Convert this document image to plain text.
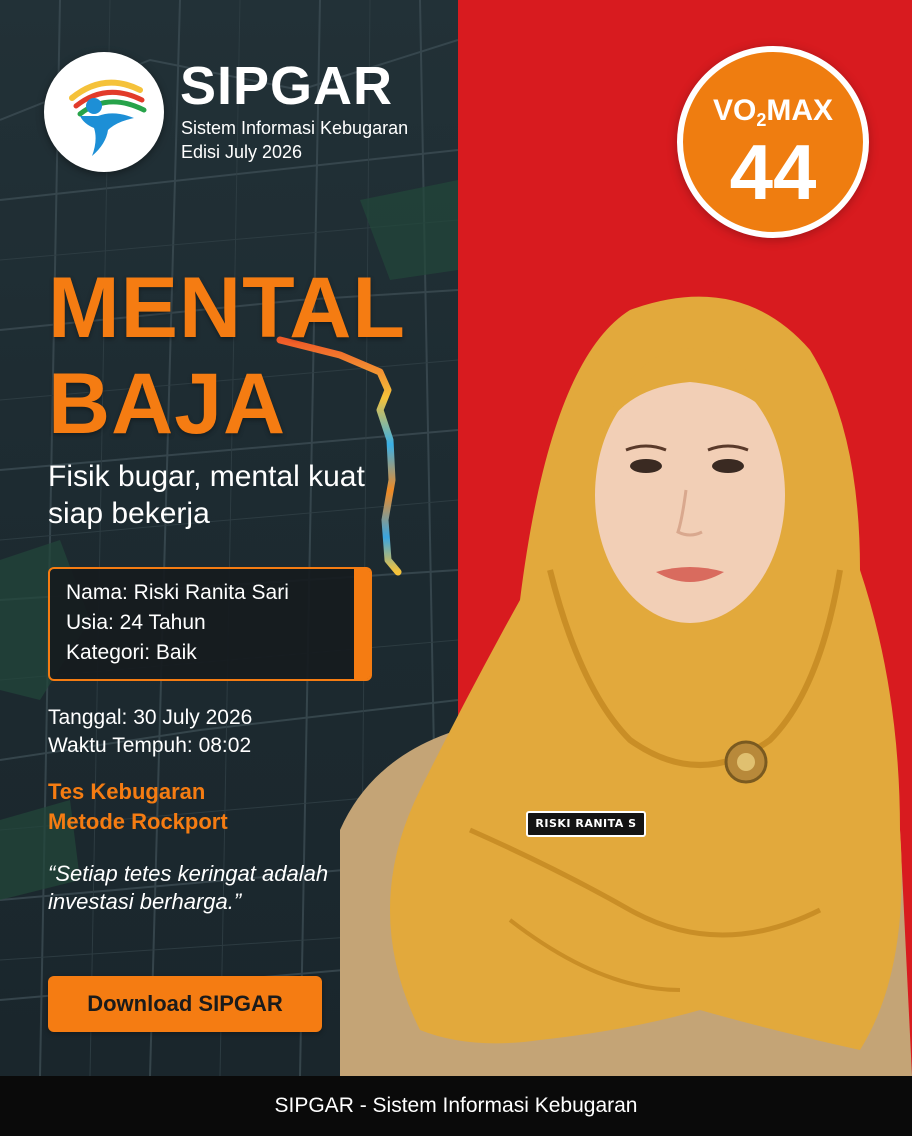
SIPGAR
Sistem Informasi Kebugaran
Edisi July 2026
MENTAL
BAJA
Fisik bugar, mental kuat siap bekerja
Nama: Riski Ranita Sari
Usia: 24 Tahun
Kategori: Baik
Tanggal: 30 July 2026
Waktu Tempuh: 08:02
Tes Kebugaran
Metode Rockport
“Setiap tetes keringat adalah investasi berharga.”
Download SIPGAR
$VO_2MAX$
44
RISKI RANITA S
SIPGAR - Sistem Informasi Kebugaran
